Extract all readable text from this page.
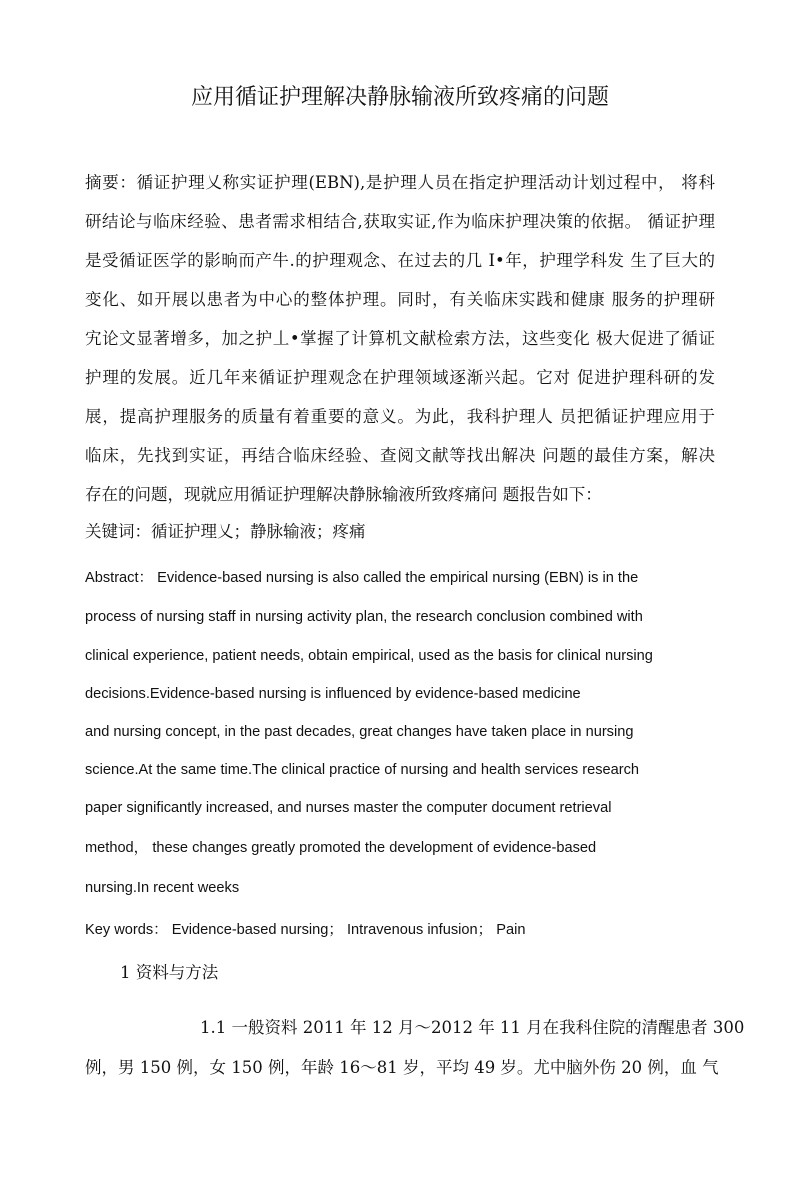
应用循证护理解决静脉输液所致疼痛的问题
摘要：循证护理乂称实证护理(EBN),是护理人员在指定护理活动计划过程中， 将科
研结论与临床经验、患者需求相结合,获取实证,作为临床护理决策的依据。 循证护理
是受循证医学的影晌而产牛.的护理观念、在过去的几 I•年，护理学科发 生了巨大的
变化、如开展以患者为中心的整体护理。同时，有关临床实践和健康 服务的护理研
宄论文显著增多，加之护丄•掌握了计算机文献检索方法，这些变化 极大促进了循证
护理的发展。近几年来循证护理观念在护理领域逐渐兴起。它对 促进护理科研的发
展，提高护理服务的质量有着重要的意义。为此，我科护理人 员把循证护理应用于
临床，先找到实证，再结合临床经验、查阅文献等找出解决 问题的最佳方案，解决
存在的问题，现就应用循证护理解决静脉输液所致疼痛问 题报告如下：
关键词：循证护理乂；静脉输液；疼痛
Abstract： Evidence-based nursing is also called the empirical nursing (EBN) is in the
process of nursing staff in nursing activity plan, the research conclusion combined with
clinical experience, patient needs, obtain empirical, used as the basis for clinical nursing
decisions.Evidence-based nursing is influenced by evidence-based medicine
and nursing concept, in the past decades, great changes have taken place in nursing
science.At the same time.The clinical practice of nursing and health services research
paper significantly increased, and nurses master the computer document retrieval
method， these changes greatly promoted the development of evidence-based
nursing.In recent weeks
Key words： Evidence-based nursing； Intravenous infusion； Pain
1 资料与方法
1.1 一般资料 2011 年 12 月～2012 年 11 月在我科住院的清醒患者 300
例，男 150 例，女 150 例，年龄 16～81 岁，平均 49 岁。尤中脑外伤 20 例，血 气
